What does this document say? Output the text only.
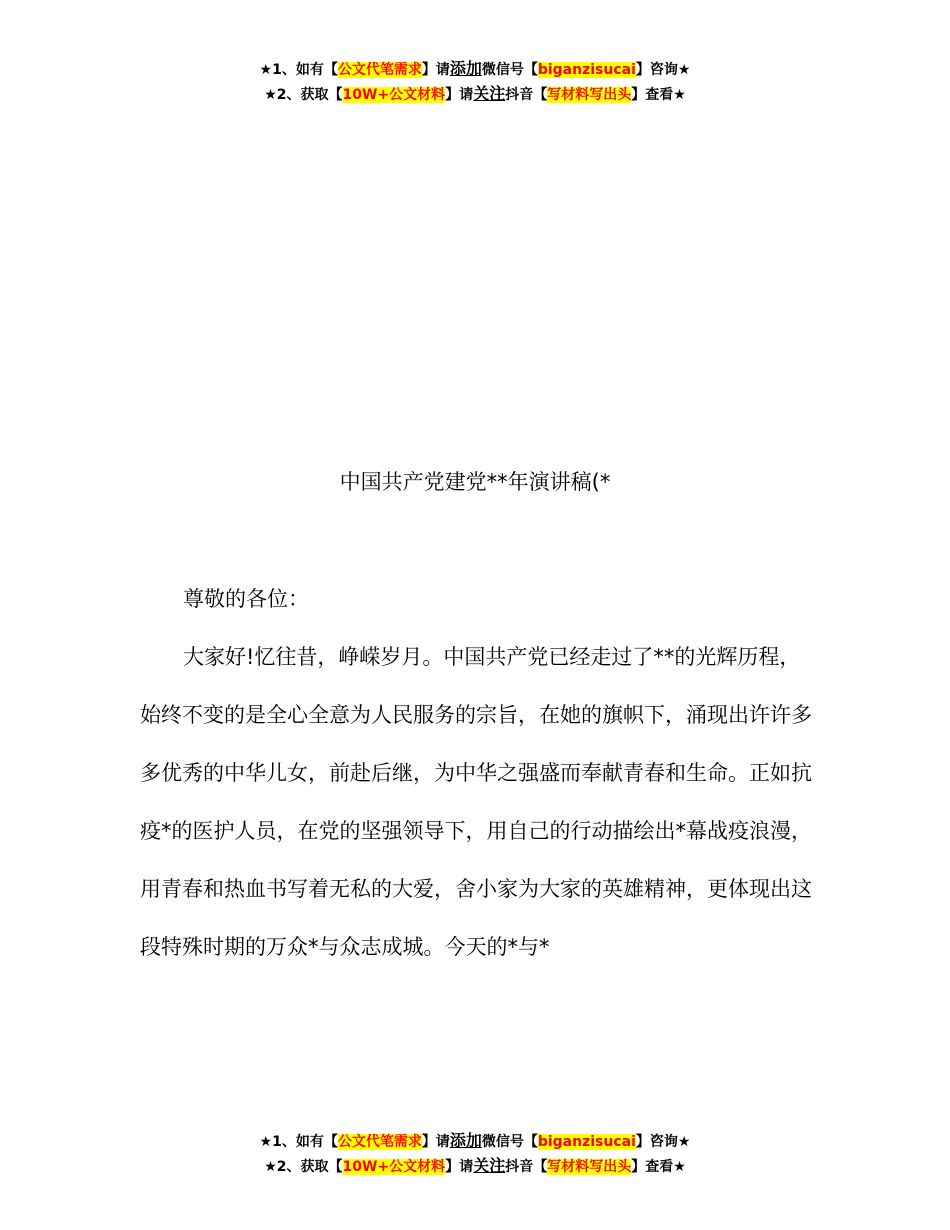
★1、如有【公文代笔需求】请添加微信号【biganzisucai】咨询★
★2、获取【10W+公文材料】请关注抖音【写材料写出头】查看★
中国共产党建党**年演讲稿(*

尊敬的各位：

大家好!忆往昔，峥嵘岁月。中国共产党已经走过了**的光辉历程，始终不变的是全心全意为人民服务的宗旨，在她的旗帜下，涌现出许许多多优秀的中华儿女，前赴后继，为中华之强盛而奉献青春和生命。正如抗疫*的医护人员，在党的坚强领导下，用自己的行动描绘出*幕战疫浪漫，用青春和热血书写着无私的大爱，舍小家为大家的英雄精神，更体现出这段特殊时期的万众*与众志成城。今天的*与*

★1、如有【公文代笔需求】请添加微信号【biganzisucai】咨询★
★2、获取【10W+公文材料】请关注抖音【写材料写出头】查看★
